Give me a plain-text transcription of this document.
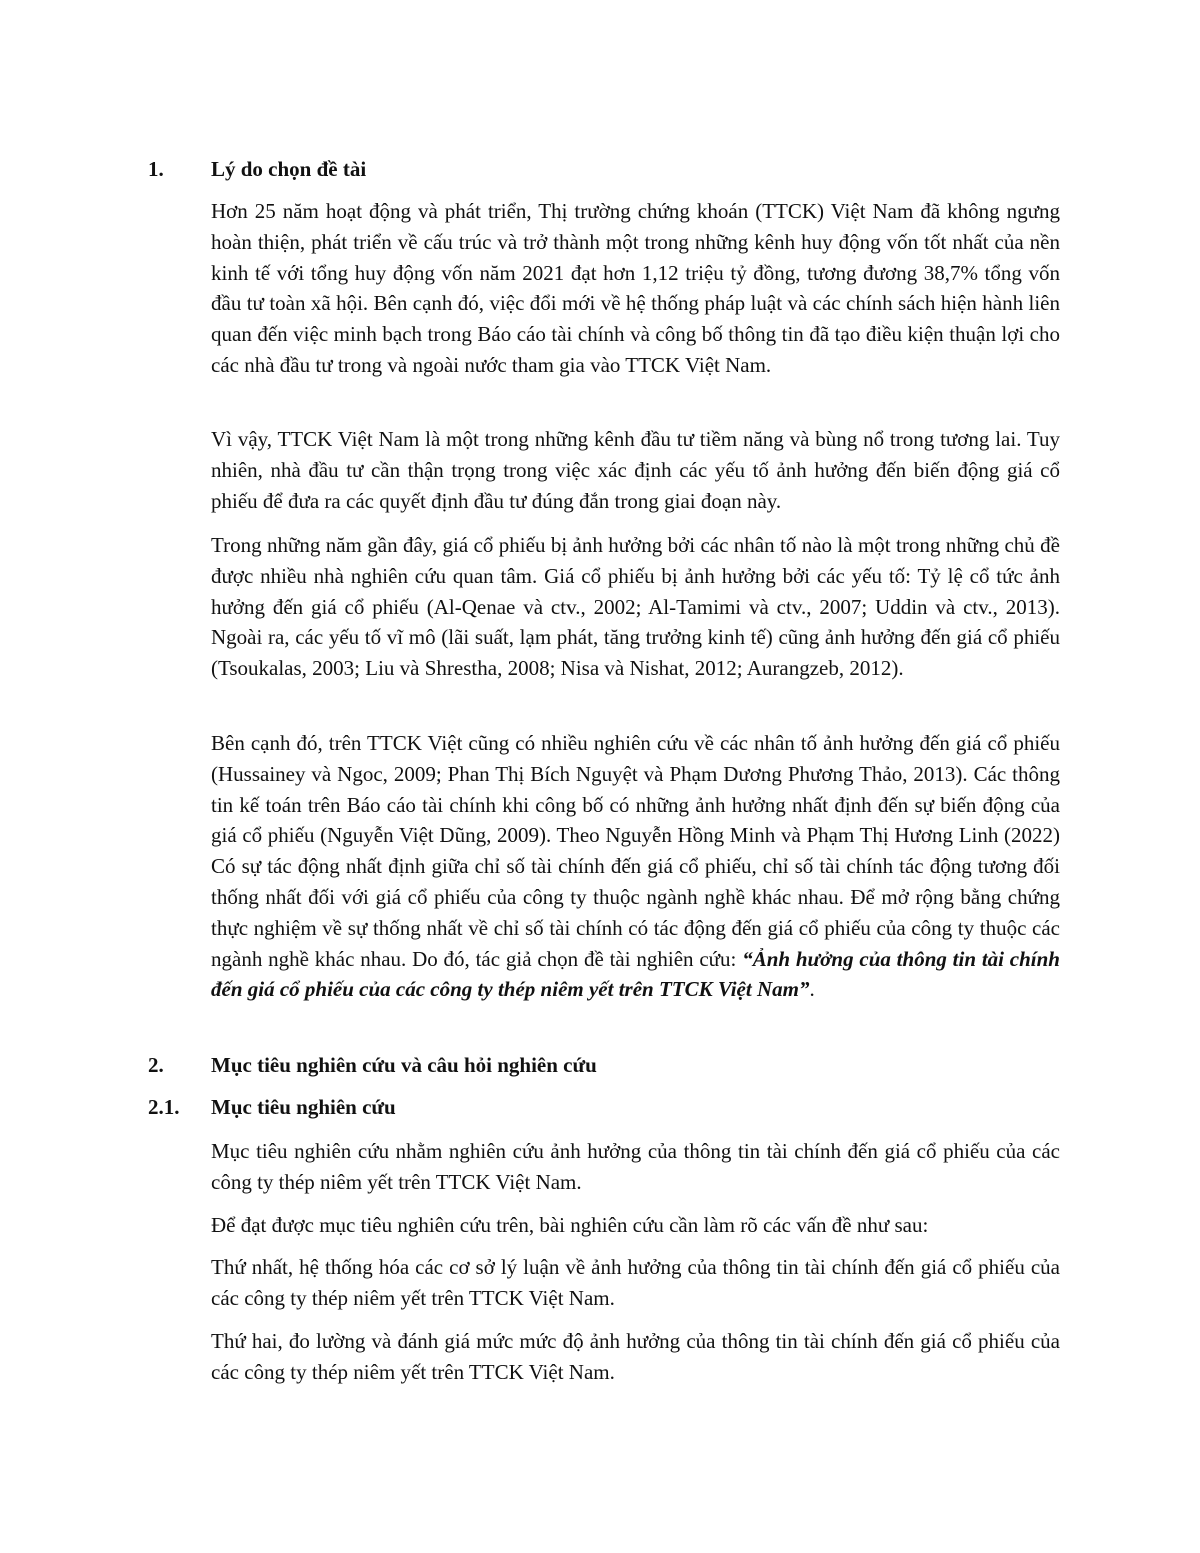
1. Lý do chọn đề tài

Hơn 25 năm hoạt động và phát triển, Thị trường chứng khoán (TTCK) Việt Nam đã không ngưng hoàn thiện, phát triển về cấu trúc và trở thành một trong những kênh huy động vốn tốt nhất của nền kinh tế với tổng huy động vốn năm 2021 đạt hơn 1,12 triệu tỷ đồng, tương đương 38,7% tổng vốn đầu tư toàn xã hội. Bên cạnh đó, việc đổi mới về hệ thống pháp luật và các chính sách hiện hành liên quan đến việc minh bạch trong Báo cáo tài chính và công bố thông tin đã tạo điều kiện thuận lợi cho các nhà đầu tư trong và ngoài nước tham gia vào TTCK Việt Nam.

Vì vậy, TTCK Việt Nam là một trong những kênh đầu tư tiềm năng và bùng nổ trong tương lai. Tuy nhiên, nhà đầu tư cần thận trọng trong việc xác định các yếu tố ảnh hưởng đến biến động giá cổ phiếu để đưa ra các quyết định đầu tư đúng đắn trong giai đoạn này.

Trong những năm gần đây, giá cổ phiếu bị ảnh hưởng bởi các nhân tố nào là một trong những chủ đề được nhiều nhà nghiên cứu quan tâm. Giá cổ phiếu bị ảnh hưởng bởi các yếu tố: Tỷ lệ cổ tức ảnh hưởng đến giá cổ phiếu (Al-Qenae và ctv., 2002; Al-Tamimi và ctv., 2007; Uddin và ctv., 2013). Ngoài ra, các yếu tố vĩ mô (lãi suất, lạm phát, tăng trưởng kinh tế) cũng ảnh hưởng đến giá cổ phiếu (Tsoukalas, 2003; Liu và Shrestha, 2008; Nisa và Nishat, 2012; Aurangzeb, 2012).

Bên cạnh đó, trên TTCK Việt cũng có nhiều nghiên cứu về các nhân tố ảnh hưởng đến giá cổ phiếu (Hussainey và Ngoc, 2009; Phan Thị Bích Nguyệt và Phạm Dương Phương Thảo, 2013). Các thông tin kế toán trên Báo cáo tài chính khi công bố có những ảnh hưởng nhất định đến sự biến động của giá cổ phiếu (Nguyễn Việt Dũng, 2009). Theo Nguyễn Hồng Minh và Phạm Thị Hương Linh (2022) Có sự tác động nhất định giữa chỉ số tài chính đến giá cổ phiếu, chỉ số tài chính tác động tương đối thống nhất đối với giá cổ phiếu của công ty thuộc ngành nghề khác nhau. Để mở rộng bằng chứng thực nghiệm về sự thống nhất về chỉ số tài chính có tác động đến giá cổ phiếu của công ty thuộc các ngành nghề khác nhau. Do đó, tác giả chọn đề tài nghiên cứu: “Ảnh hưởng của thông tin tài chính đến giá cổ phiếu của các công ty thép niêm yết trên TTCK Việt Nam”.

2. Mục tiêu nghiên cứu và câu hỏi nghiên cứu
2.1. Mục tiêu nghiên cứu

Mục tiêu nghiên cứu nhằm nghiên cứu ảnh hưởng của thông tin tài chính đến giá cổ phiếu của các công ty thép niêm yết trên TTCK Việt Nam.

Để đạt được mục tiêu nghiên cứu trên, bài nghiên cứu cần làm rõ các vấn đề như sau:

Thứ nhất, hệ thống hóa các cơ sở lý luận về ảnh hưởng của thông tin tài chính đến giá cổ phiếu của các công ty thép niêm yết trên TTCK Việt Nam.

Thứ hai, đo lường và đánh giá mức mức độ ảnh hưởng của thông tin tài chính đến giá cổ phiếu của các công ty thép niêm yết trên TTCK Việt Nam.
